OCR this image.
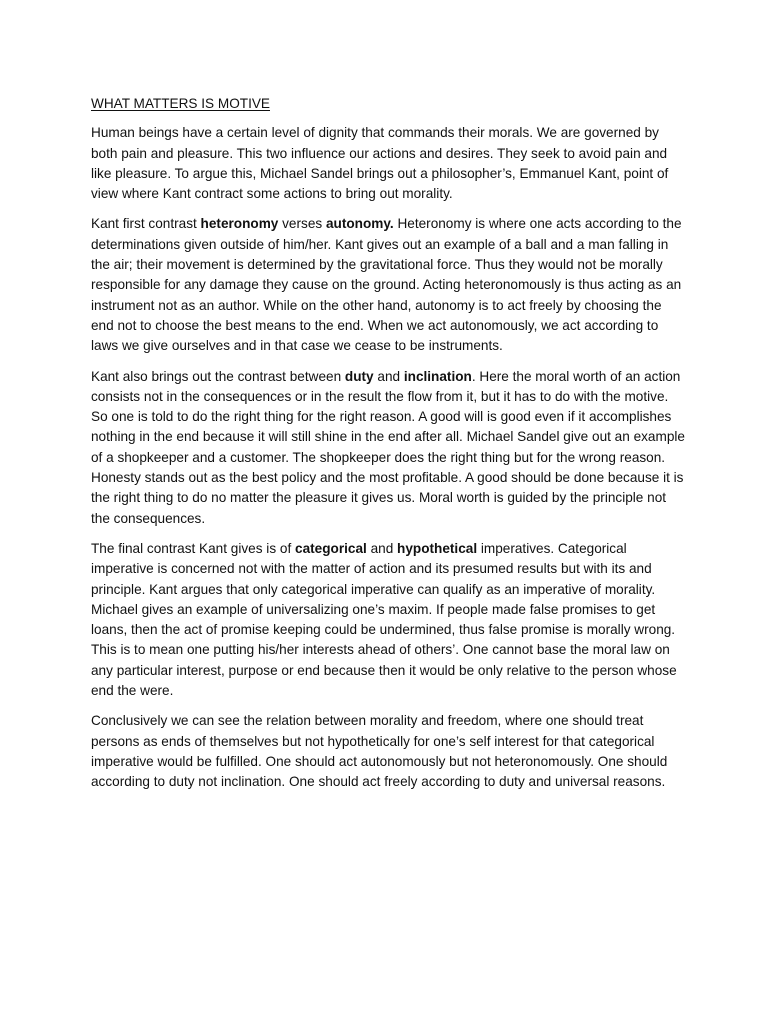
WHAT MATTERS IS MOTIVE

Human beings have a certain level of dignity that commands their morals. We are governed by both pain and pleasure. This two influence our actions and desires. They seek to avoid pain and like pleasure. To argue this, Michael Sandel brings out a philosopher’s, Emmanuel Kant, point of view where Kant contract some actions to bring out morality.

Kant first contrast heteronomy verses autonomy. Heteronomy is where one acts according to the determinations given outside of him/her. Kant gives out an example of a ball and a man falling in the air; their movement is determined by the gravitational force. Thus they would not be morally responsible for any damage they cause on the ground. Acting heteronomously is thus acting as an instrument not as an author. While on the other hand, autonomy is to act freely by choosing the end not to choose the best means to the end. When we act autonomously, we act according to laws we give ourselves and in that case we cease to be instruments.

Kant also brings out the contrast between duty and inclination. Here the moral worth of an action consists not in the consequences or in the result the flow from it, but it has to do with the motive. So one is told to do the right thing for the right reason. A good will is good even if it accomplishes nothing in the end because it will still shine in the end after all. Michael Sandel give out an example of a shopkeeper and a customer. The shopkeeper does the right thing but for the wrong reason. Honesty stands out as the best policy and the most profitable. A good should be done because it is the right thing to do no matter the pleasure it gives us. Moral worth is guided by the principle not the consequences.

The final contrast Kant gives is of categorical and hypothetical imperatives. Categorical imperative is concerned not with the matter of action and its presumed results but with its and principle. Kant argues that only categorical imperative can qualify as an imperative of morality. Michael gives an example of universalizing one’s maxim. If people made false promises to get loans, then the act of promise keeping could be undermined, thus false promise is morally wrong. This is to mean one putting his/her interests ahead of others’. One cannot base the moral law on any particular interest, purpose or end because then it would be only relative to the person whose end the were.

Conclusively we can see the relation between morality and freedom, where one should treat persons as ends of themselves but not hypothetically for one’s self interest for that categorical imperative would be fulfilled. One should act autonomously but not heteronomously. One should according to duty not inclination. One should act freely according to duty and universal reasons.
